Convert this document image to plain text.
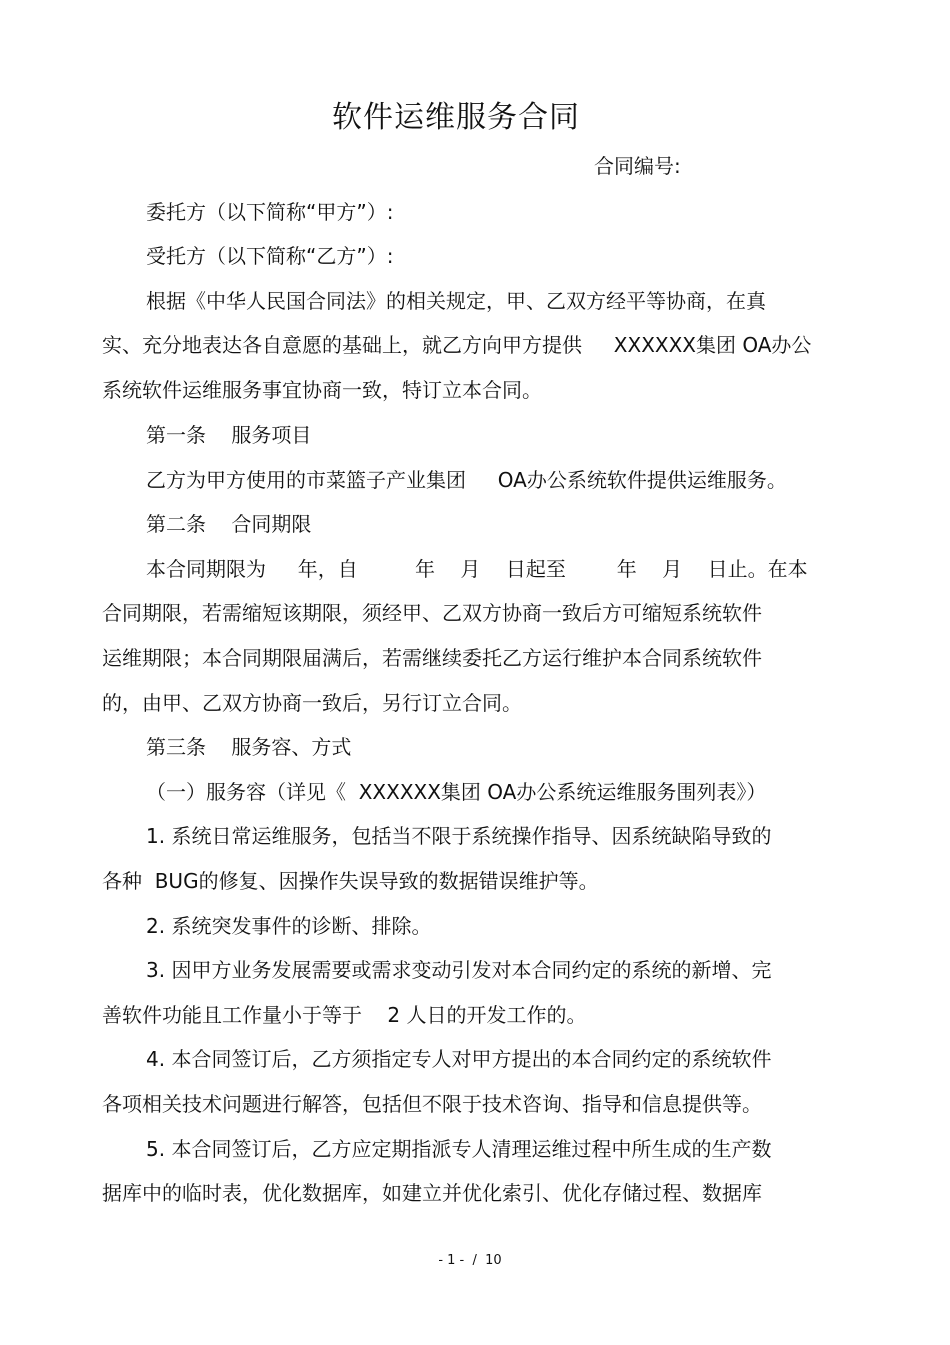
软件运维服务合同
合同编号:
委托方（以下简称“甲方”）:
受托方（以下简称“乙方”）:
根据《中华人民国合同法》的相关规定，甲、乙双方经平等协商，在真
实、充分地表达各自意愿的基础上，就乙方向甲方提供     XXXXXX集团 OA办公
系统软件运维服务事宜协商一致，特订立本合同。
第一条    服务项目
乙方为甲方使用的市菜篮子产业集团     OA办公系统软件提供运维服务。
第二条    合同期限
本合同期限为     年，自         年    月    日起至        年    月    日止。在本
合同期限，若需缩短该期限，须经甲、乙双方协商一致后方可缩短系统软件
运维期限；本合同期限届满后，若需继续委托乙方运行维护本合同系统软件
的，由甲、乙双方协商一致后，另行订立合同。
第三条    服务容、方式
（一）服务容（详见《  XXXXXX集团 OA办公系统运维服务围列表》）
1. 系统日常运维服务，包括当不限于系统操作指导、因系统缺陷导致的
各种  BUG的修复、因操作失误导致的数据错误维护等。
2. 系统突发事件的诊断、排除。
3. 因甲方业务发展需要或需求变动引发对本合同约定的系统的新增、完
善软件功能且工作量小于等于    2 人日的开发工作的。
4. 本合同签订后，乙方须指定专人对甲方提出的本合同约定的系统软件
各项相关技术问题进行解答，包括但不限于技术咨询、指导和信息提供等。
5. 本合同签订后，乙方应定期指派专人清理运维过程中所生成的生产数
据库中的临时表，优化数据库，如建立并优化索引、优化存储过程、数据库
- 1 -  /  10
